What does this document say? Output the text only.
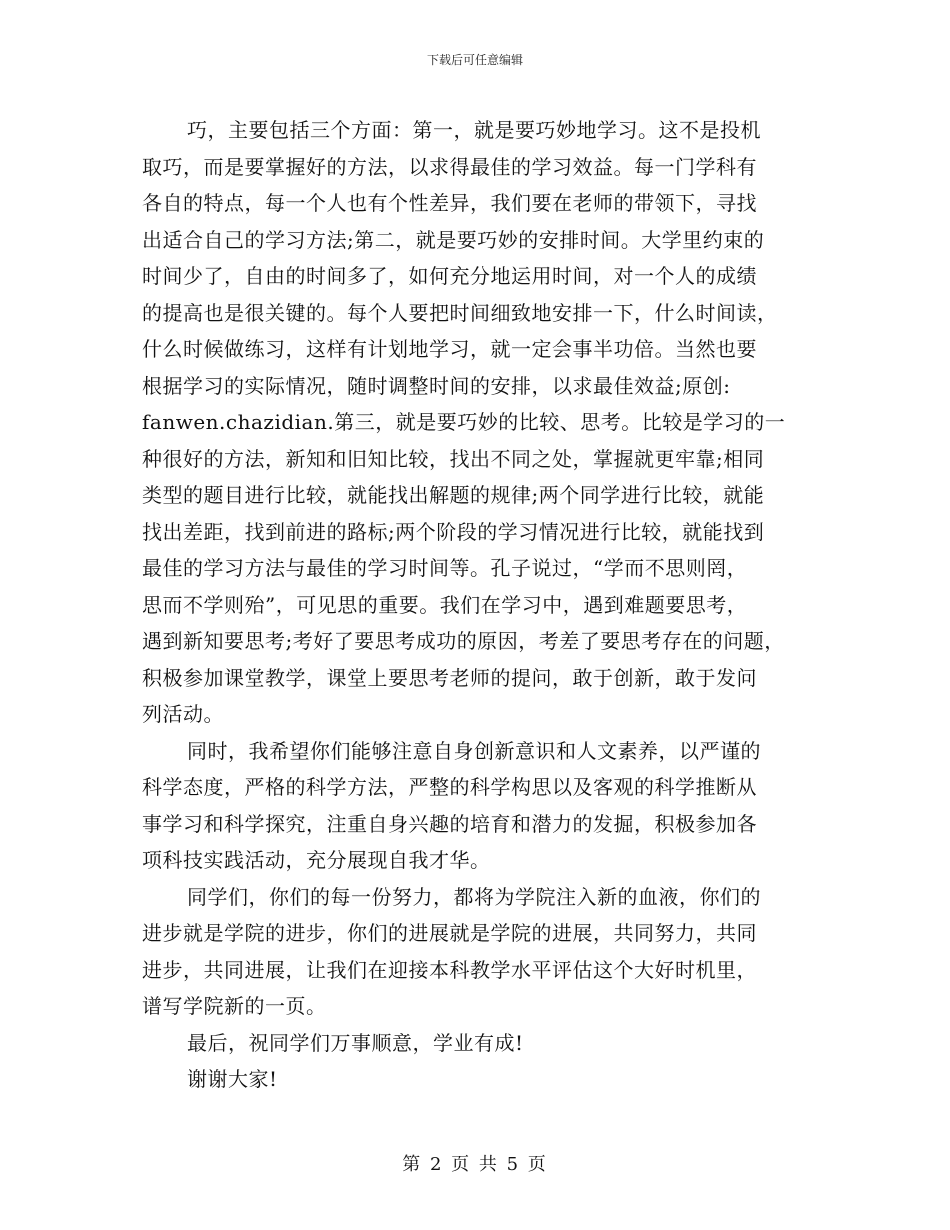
下载后可任意编辑
巧，主要包括三个方面：第一，就是要巧妙地学习。这不是投机
取巧，而是要掌握好的方法，以求得最佳的学习效益。每一门学科有
各自的特点，每一个人也有个性差异，我们要在老师的带领下，寻找
出适合自己的学习方法;第二，就是要巧妙的安排时间。大学里约束的
时间少了，自由的时间多了，如何充分地运用时间，对一个人的成绩
的提高也是很关键的。每个人要把时间细致地安排一下，什么时间读，
什么时候做练习，这样有计划地学习，就一定会事半功倍。当然也要
根据学习的实际情况，随时调整时间的安排，以求最佳效益;原创:
fanwen.chazidian.第三，就是要巧妙的比较、思考。比较是学习的一
种很好的方法，新知和旧知比较，找出不同之处，掌握就更牢靠;相同
类型的题目进行比较，就能找出解题的规律;两个同学进行比较，就能
找出差距，找到前进的路标;两个阶段的学习情况进行比较，就能找到
最佳的学习方法与最佳的学习时间等。孔子说过，“学而不思则罔，
思而不学则殆”，可见思的重要。我们在学习中，遇到难题要思考，
遇到新知要思考;考好了要思考成功的原因，考差了要思考存在的问题，
积极参加课堂教学，课堂上要思考老师的提问，敢于创新，敢于发问
列活动。
同时，我希望你们能够注意自身创新意识和人文素养，以严谨的
科学态度，严格的科学方法，严整的科学构思以及客观的科学推断从
事学习和科学探究，注重自身兴趣的培育和潜力的发掘，积极参加各
项科技实践活动，充分展现自我才华。
同学们，你们的每一份努力，都将为学院注入新的血液，你们的
进步就是学院的进步，你们的进展就是学院的进展，共同努力，共同
进步，共同进展，让我们在迎接本科教学水平评估这个大好时机里，
谱写学院新的一页。
最后，祝同学们万事顺意，学业有成!
谢谢大家!
第 2 页 共 5 页
